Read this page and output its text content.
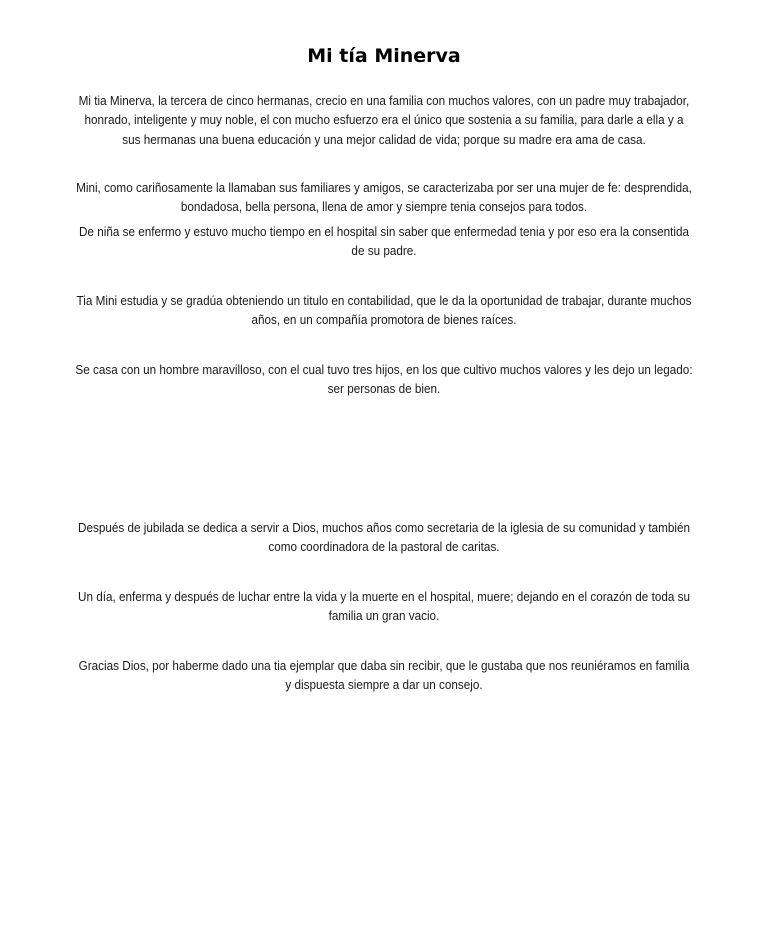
Mi tía Minerva

Mi tia Minerva, la tercera de cinco hermanas, crecio en una familia con muchos valores, con un padre muy trabajador, honrado, inteligente y muy noble, el con mucho esfuerzo era el único que sostenia a su familia, para darle a ella y a sus hermanas una buena educación y una mejor calidad de vida; porque su madre era ama de casa.

Mini, como cariñosamente la llamaban sus familiares y amigos, se caracterizaba por ser una mujer de fe: desprendida, bondadosa, bella persona, llena de amor y siempre tenia consejos para todos.

De niña se enfermo y estuvo mucho tiempo en el hospital sin saber que enfermedad tenia y por eso era la consentida de su padre.

Tia Mini estudia y se gradúa obteniendo un titulo en contabilidad, que le da la oportunidad de trabajar, durante muchos años, en un compañía promotora de bienes raíces.

Se casa con un hombre maravilloso, con el cual tuvo tres hijos, en los que cultivo muchos valores y les dejo un legado: ser personas de bien.

Después de jubilada se dedica a servir a Dios, muchos años como secretaria de la iglesia de su comunidad y también como coordinadora de la pastoral de caritas.

Un día, enferma y después de luchar entre la vida y la muerte en el hospital, muere; dejando en el corazón de toda su familia un gran vacio.

Gracias Dios, por haberme dado una tia ejemplar que daba sin recibir, que le gustaba que nos reuniéramos en familia y dispuesta siempre a dar un consejo.
